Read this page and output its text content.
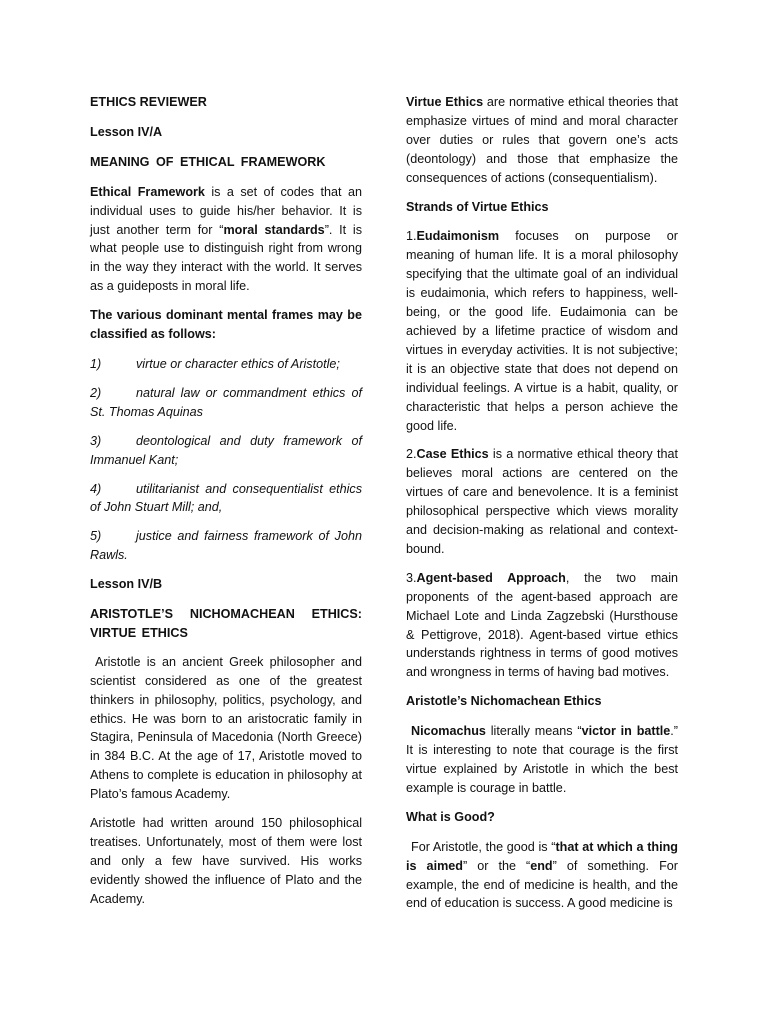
ETHICS REVIEWER

Lesson IV/A

MEANING OF ETHICAL FRAMEWORK

Ethical Framework is a set of codes that an individual uses to guide his/her behavior. It is just another term for “moral standards”. It is what people use to distinguish right from wrong in the way they interact with the world. It serves as a guideposts in moral life.

The various dominant mental frames may be classified as follows:

1)	virtue or character ethics of Aristotle;

2)	natural law or commandment ethics of St. Thomas Aquinas

3)	deontological and duty framework of Immanuel Kant;

4)	utilitarianist and consequentialist ethics of John Stuart Mill; and,

5)	justice and fairness framework of John Rawls.

Lesson IV/B

ARISTOTLE’S NICHOMACHEAN ETHICS:
VIRTUE ETHICS

Aristotle is an ancient Greek philosopher and scientist considered as one of the greatest thinkers in philosophy, politics, psychology, and ethics. He was born to an aristocratic family in Stagira, Peninsula of Macedonia (North Greece) in 384 B.C. At the age of 17, Aristotle moved to Athens to complete is education in philosophy at Plato’s famous Academy.

Aristotle had written around 150 philosophical treatises. Unfortunately, most of them were lost and only a few have survived. His works evidently showed the influence of Plato and the Academy.

Virtue Ethics are normative ethical theories that emphasize virtues of mind and moral character over duties or rules that govern one’s acts (deontology) and those that emphasize the consequences of actions (consequentialism).

Strands of Virtue Ethics

1.Eudaimonism focuses on purpose or meaning of human life. It is a moral philosophy specifying that the ultimate goal of an individual is eudaimonia, which refers to happiness, well-being, or the good life. Eudaimonia can be achieved by a lifetime practice of wisdom and virtues in everyday activities. It is not subjective; it is an objective state that does not depend on individual feelings. A virtue is a habit, quality, or characteristic that helps a person achieve the good life.

2.Case Ethics is a normative ethical theory that believes moral actions are centered on the virtues of care and benevolence. It is a feminist philosophical perspective which views morality and decision-making as relational and context-bound.

3.Agent-based Approach, the two main proponents of the agent-based approach are Michael Lote and Linda Zagzebski (Hursthouse & Pettigrove, 2018). Agent-based virtue ethics understands rightness in terms of good motives and wrongness in terms of having bad motives.

Aristotle’s Nichomachean Ethics

Nicomachus literally means “victor in battle.” It is interesting to note that courage is the first virtue explained by Aristotle in which the best example is courage in battle.

What is Good?

For Aristotle, the good is “that at which a thing is aimed” or the “end” of something. For example, the end of medicine is health, and the end of education is success. A good medicine is
